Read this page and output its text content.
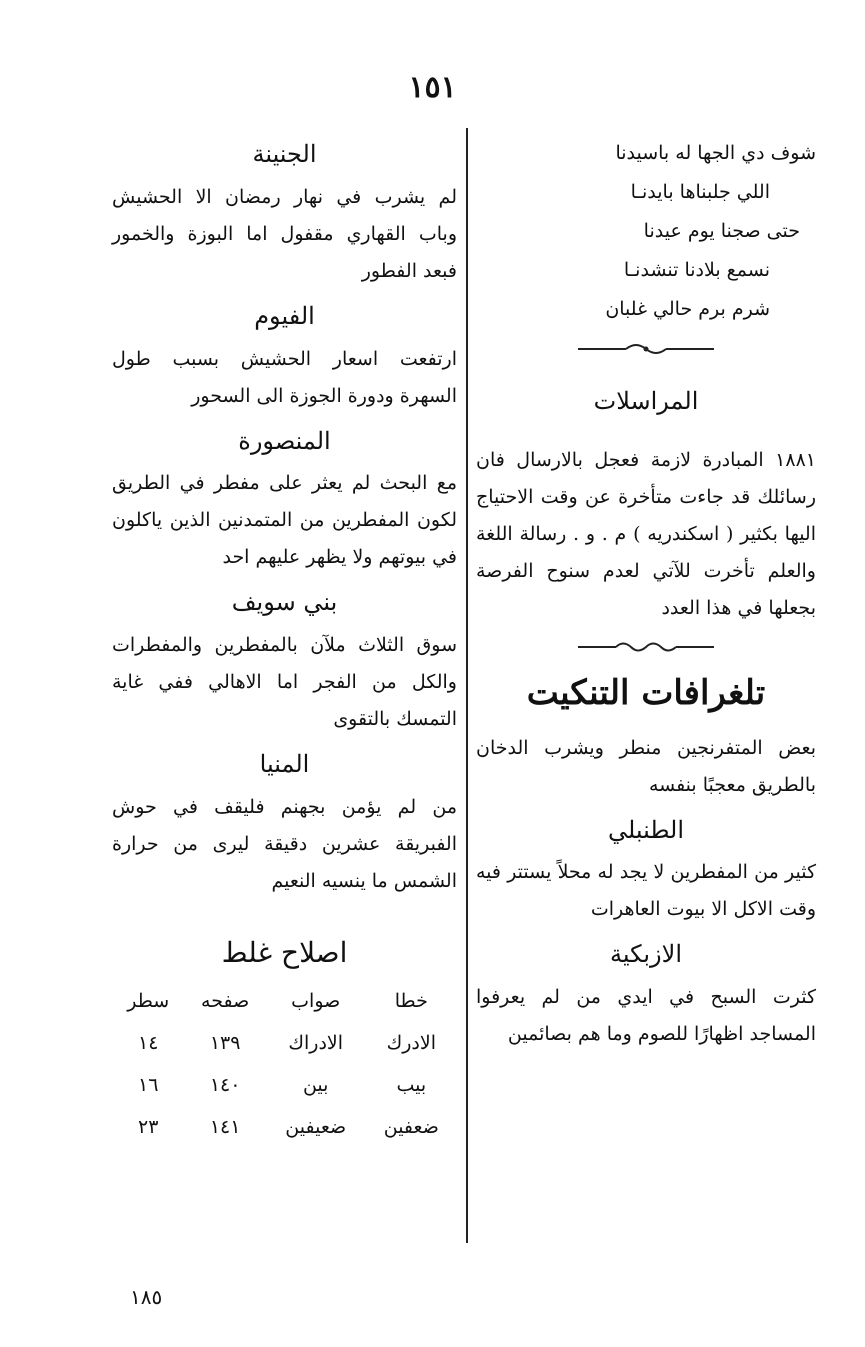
١٥١
شوف دي الجها له باسيدنا
اللي جلبناها بايدنـا
حتى صجنا يوم عيدنا
نسمع بلادنا تنشدنـا
شرم برم حالي غلبان
المراسلات

١٨٨١ المبادرة لازمة فعجل بالارسال فان رسائلك قد جاءت متأخرة عن وقت الاحتياج اليها بكثير ( اسكندريه ) م . و . رسالة اللغة والعلم تأخرت للآتي لعدم سنوح الفرصة بجعلها في هذا العدد

تلغرافات التنكيت

بعض المتفرنجين منطر ويشرب الدخان بالطريق معجبًا بنفسه

الطنبلي

كثير من المفطرين لا يجد له محلاً يستتر فيه وقت الاكل الا بيوت العاهرات

الازبكية

كثرت السبح في ايدي من لم يعرفوا المساجد اظهارًا للصوم وما هم بصائمين

الجنينة

لم يشرب في نهار رمضان الا الحشيش وباب القهاري مقفول اما البوزة والخمور فبعد الفطور

الفيوم

ارتفعت اسعار الحشيش بسبب طول السهرة ودورة الجوزة الى السحور

المنصورة

مع البحث لم يعثر على مفطر في الطريق لكون المفطرين من المتمدنين الذين ياكلون في بيوتهم ولا يظهر عليهم احد

بني سويف

سوق الثلاث ملآن بالمفطرين والمفطرات والكل من الفجر اما الاهالي ففي غاية التمسك بالتقوى

المنيا

من لم يؤمن بجهنم فليقف في حوش الفبريقة عشرين دقيقة ليرى من حرارة الشمس ما ينسيه النعيم

اصلاح غلط
خطا	صواب	صفحه	سطر
الادرك	الادراك	١٣٩	١٤
بيب	بين	١٤٠	١٦
ضعفين	ضعيفين	١٤١	٢٣
١٨٥
